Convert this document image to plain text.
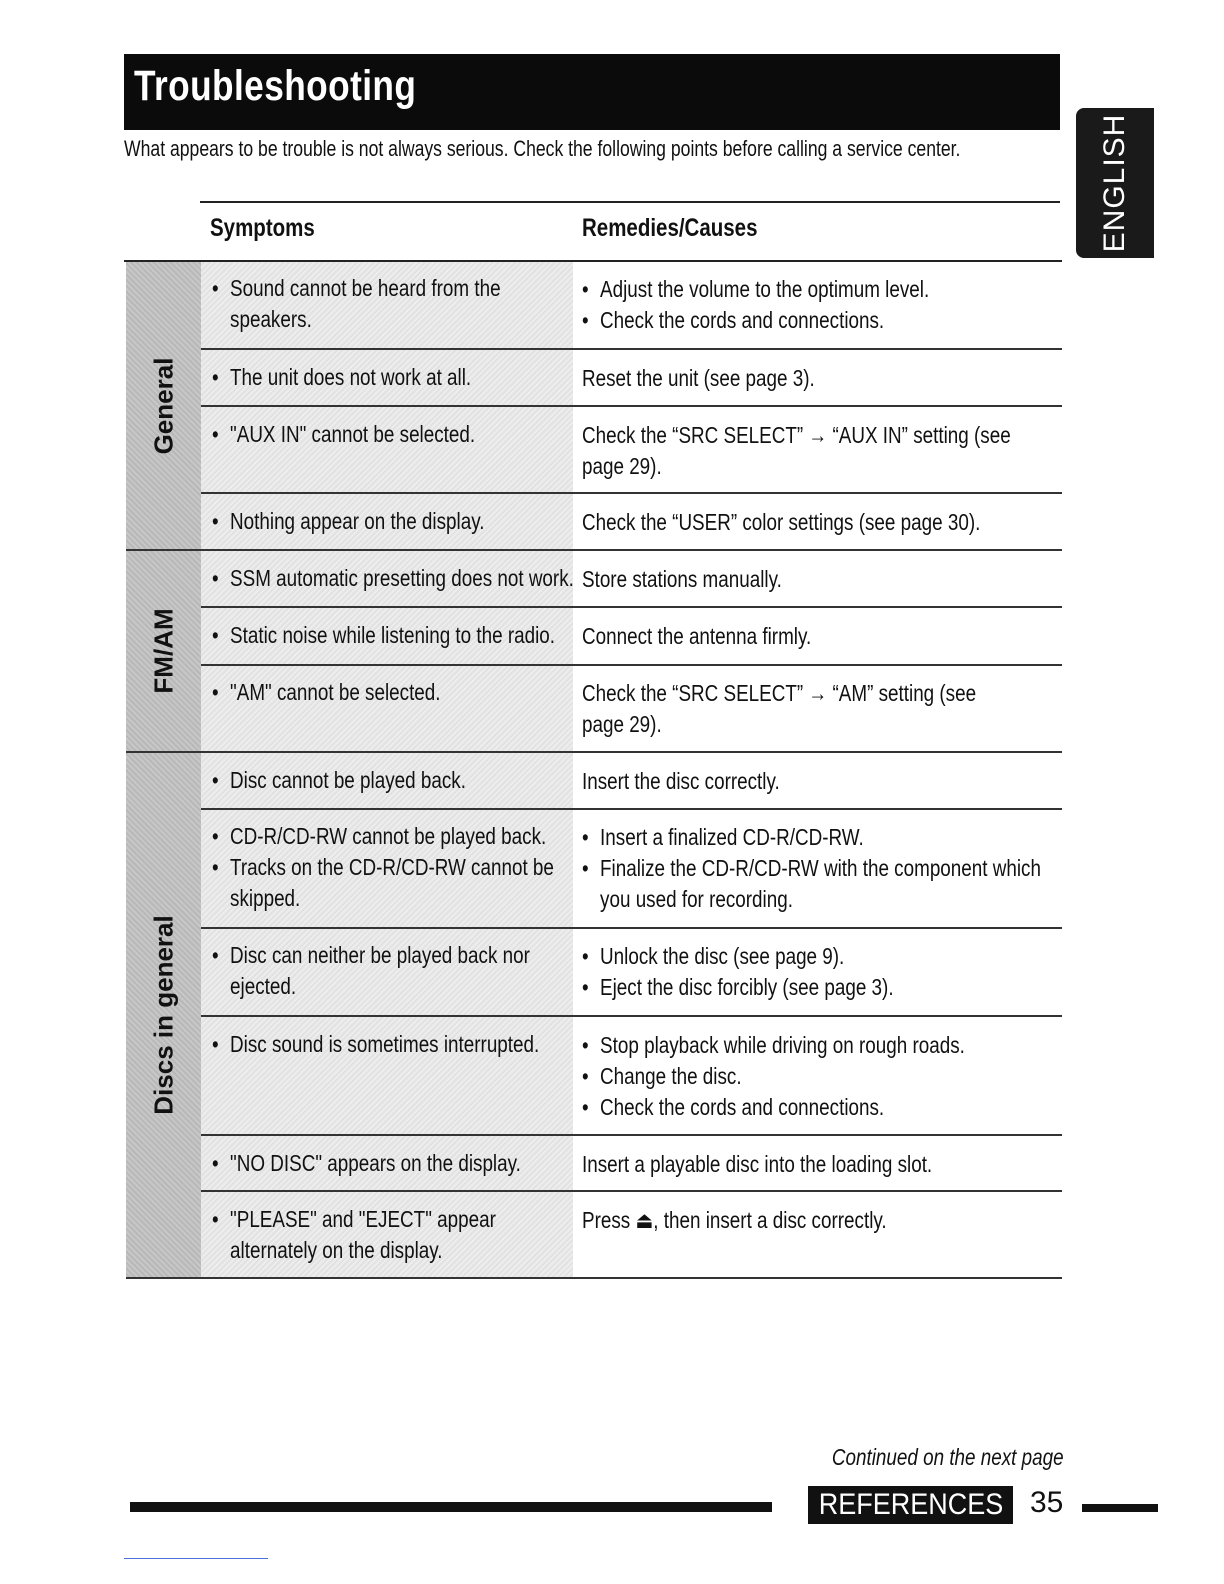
Troubleshooting
What appears to be trouble is not always serious. Check the following points before calling a service center.	ENGLISH
Symptoms	Remedies/Causes
General
FM/AM
Discs in general
• Sound cannot be heard from the speakers.
• Adjust the volume to the optimum level.
• Check the cords and connections.
• The unit does not work at all.	Reset the unit (see page 3).
• "AUX IN" cannot be selected.	Check the “SRC SELECT” → “AUX IN” setting (see page 29).
• Nothing appear on the display.	Check the “USER” color settings (see page 30).
• SSM automatic presetting does not work. Store stations manually.
• Static noise while listening to the radio.	Connect the antenna firmly.
• "AM" cannot be selected.	Check the “SRC SELECT” → “AM” setting (see page 29).
• Disc cannot be played back.	Insert the disc correctly.
• CD-R/CD-RW cannot be played back.
• Tracks on the CD-R/CD-RW cannot be skipped.
• Insert a finalized CD-R/CD-RW.
• Finalize the CD-R/CD-RW with the component which you used for recording.
• Disc can neither be played back nor ejected.
• Unlock the disc (see page 9).
• Eject the disc forcibly (see page 3).
• Disc sound is sometimes interrupted.
•	Stop playback while driving on rough roads.
• Change the disc.
• Check the cords and connections.
• "NO DISC" appears on the display.	Insert a playable disc into the loading slot.
• "PLEASE" and "EJECT" appear alternately on the display.
Press ⏏, then insert a disc correctly.
Continued on the next page
REFERENCES 35
